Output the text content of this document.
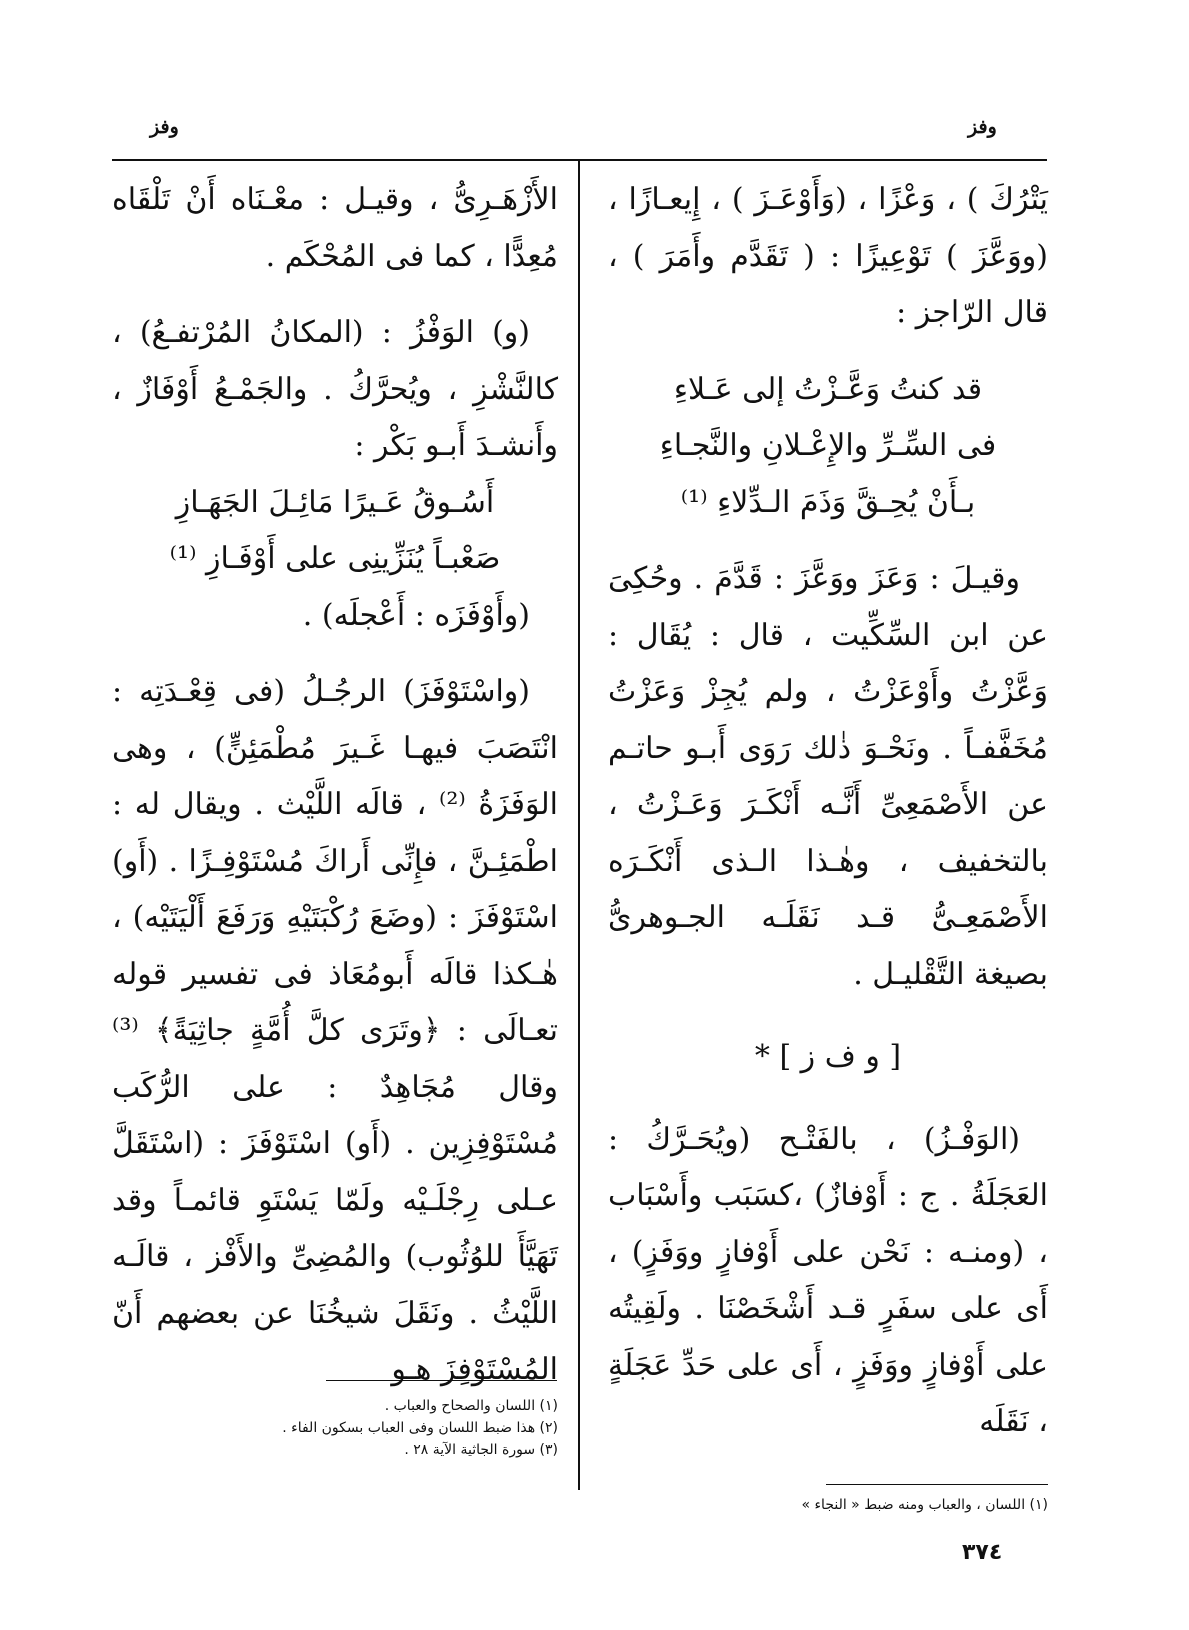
وفز	وفز

يَتْرُكَ ) ، وَعْزًا ، (وَأَوْعَـزَ ) ، إِيعـازًا ، (ووَعَّزَ ) تَوْعِيزًا : ( تَقَدَّم وأَمَرَ ) ، قال الرّاجز :

قد كنتُ وَعَّـزْتُ إلى عَـلاءِ

فى السِّـرِّ والإِعْـلانِ والنَّجـاءِ

بـأَنْ يُحِـقَّ وَذَمَ الـدِّلاءِ ⁽¹⁾

وقيـلَ : وَعَزَ ووَعَّزَ : قَدَّمَ . وحُكِىَ عن ابن السِّكِّيت ، قال : يُقَال : وَعَّزْتُ وأَوْعَزْتُ ، ولم يُجِزْ وَعَزْتُ مُخَفَّفـاً . ونَحْـوَ ذٰلك رَوَى أَبـو حاتـم عن الأَصْمَعِىِّ أَنَّـه أَنْكَـرَ وَعَـزْتُ ، بالتخفيف ، وهٰـذا الـذى أَنْكَـرَه الأَصْمَعِـىُّ قـد نَقَلَـه الجـوهرىُّ بصيغة التَّقْليـل .

[ و ف ز ] *

(الوَفْـزُ) ، بالفَتْـح (ويُحَـرَّكُ : العَجَلَةُ . ج : أَوْفازٌ) ،كسَبَب وأَسْبَاب ، (ومنـه : نَحْن على أَوْفازٍ ووَفَزٍ) ، أَى على سفَرٍ قـد أَشْخَصْنَا . ولَقِيتُه على أَوْفازٍ ووَفَزٍ ، أَى على حَدِّ عَجَلَةٍ ، نَقَلَه

الأَزْهَـرِىُّ ، وقيـل : معْـنَاه أَنْ تَلْقَاه مُعِدًّا ، كما فى المُحْكَم .

(و) الوَفْزُ : (المكانُ المُرْتفـعُ) ، كالنَّشْزِ ، ويُحرَّكُ . والجَمْـعُ أَوْفَازٌ ، وأَنشـدَ أَبـو بَكْر :

أَسُـوقُ عَـيرًا مَائِـلَ الجَهَـازِ

صَعْبـاً يُنَزِّينِى على أَوْفَـازِ ⁽¹⁾

(وأَوْفَزَه : أَعْجلَه) .

(واسْتَوْفَزَ) الرجُـلُ (فى قِعْـدَتِه : انْتَصَبَ فيهـا غَـيرَ مُطْمَئِنٍّ) ، وهى الوَفَزَةُ ⁽²⁾ ، قالَه اللَّيْث . ويقال له : اطْمَئِـنَّ ، فإِنِّى أَراكَ مُسْتَوْفِـزًا . (أَو) اسْتَوْفَزَ : (وضَعَ رُكْبَتَيْهِ وَرَفَعَ أَلْيَتَيْه) ، هٰـكذا قالَه أَبومُعَاذ فى تفسير قوله تعـالَى : ﴿وتَرَى كلَّ أُمَّةٍ جاثِيَةً﴾ ⁽³⁾ وقال مُجَاهِدٌ : على الرُّكَب مُسْتَوْفِزِين . (أَو) اسْتَوْفَزَ : (اسْتَقَلَّ عـلى رِجْلَـيْه ولَمّا يَسْتَوِ قائمـاً وقد تَهَيَّأَ للوُثُوب) والمُضِىِّ والأَفْز ، قالَـه اللَّيْثُ . ونَقَلَ شيخُنَا عن بعضهم أَنّ المُسْتَوْفِزَ هـو

(١) اللسان والصحاح والعباب .
(٢) هذا ضبط اللسان وفى العباب بسكون الفاء .
(٣) سورة الجاثية الآية ٢٨ .
(١) اللسان ، والعباب ومنه ضبط « النجاء »
٣٧٤
